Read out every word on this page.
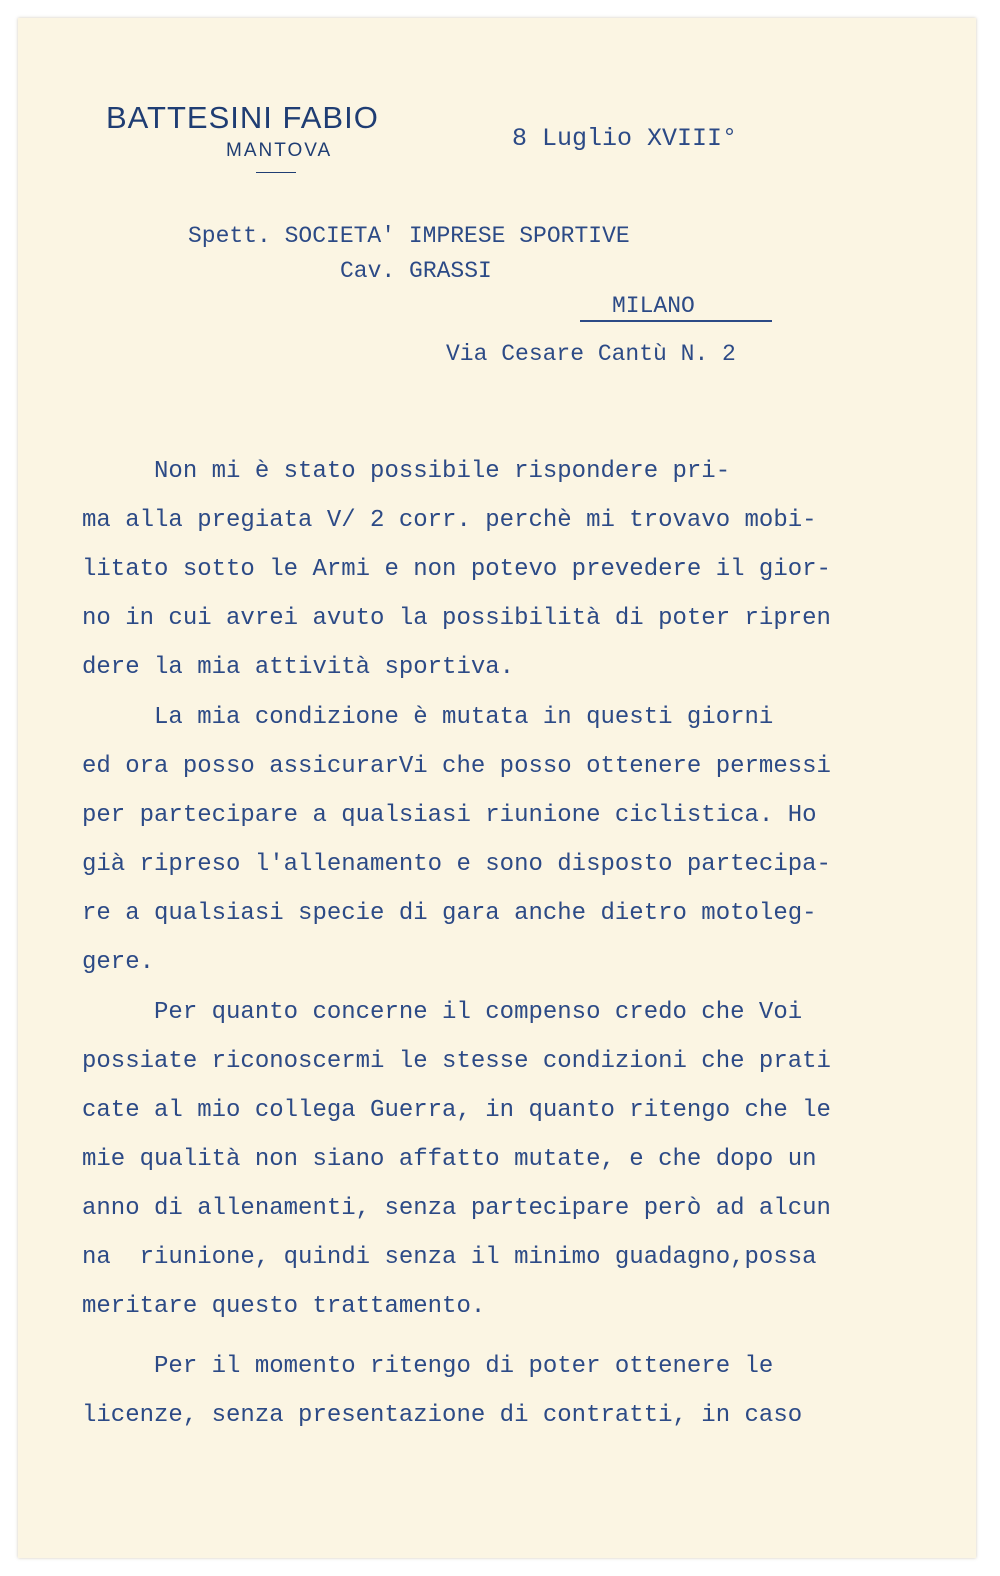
BATTESINI FABIO
MANTOVA	8 Luglio XVIII°
Spett. SOCIETA' IMPRESE SPORTIVE
Cav. GRASSI
MILANO
Via Cesare Cantù N. 2
Non mi è stato possibile rispondere pri-
ma alla pregiata V/ 2 corr. perchè mi trovavo mobi-
litato sotto le Armi e non potevo prevedere il gior-
no in cui avrei avuto la possibilità di poter ripren
dere la mia attività sportiva.
La mia condizione è mutata in questi giorni
ed ora posso assicurarVi che posso ottenere permessi
per partecipare a qualsiasi riunione ciclistica. Ho
già ripreso l'allenamento e sono disposto partecipa-
re a qualsiasi specie di gara anche dietro motoleg-
gere.
Per quanto concerne il compenso credo che Voi
possiate riconoscermi le stesse condizioni che prati
cate al mio collega Guerra, in quanto ritengo che le
mie qualità non siano affatto mutate, e che dopo un
anno di allenamenti, senza partecipare però ad alcun
na  riunione, quindi senza il minimo guadagno,possa
meritare questo trattamento.
Per il momento ritengo di poter ottenere le
licenze, senza presentazione di contratti, in caso
